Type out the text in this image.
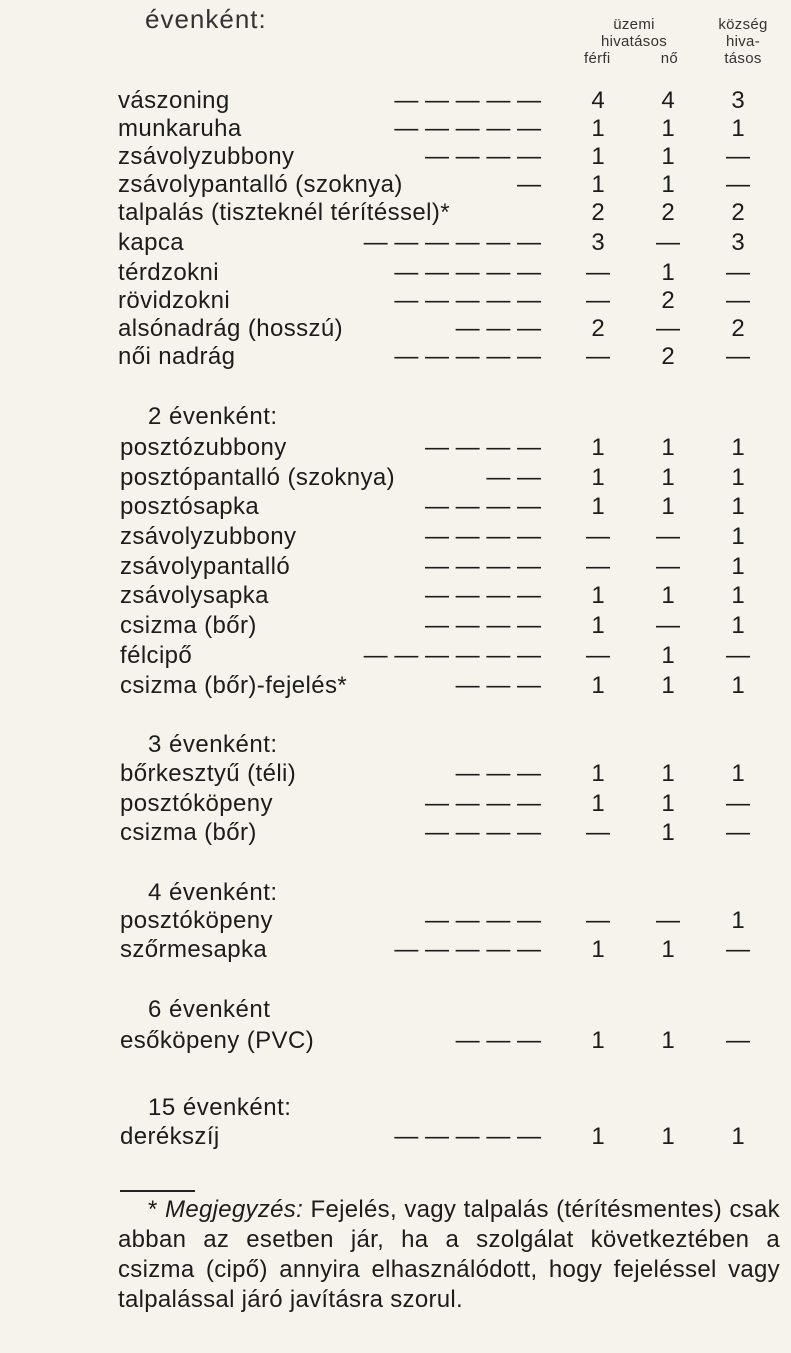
évenként:	üzemi
hivatásos
férfi	nő
község
hiva-
tásos
vászoning	— — — — —	4	4	3
munkaruha	— — — — —	1	1	1
zsávolyzubbony	— — — —	1	1	—
zsávolypantalló (szoknya)	—	1	1	—
talpalás (tiszteknél térítéssel)*	2	2	2
kapca	— — — — — —	3	—	3
térdzokni	— — — — —	—	1	—
rövidzokni	— — — — —	—	2	—
alsónadrág (hosszú)	— — —	2	—	2
női nadrág	— — — — —	—	2	—
2 évenként:
posztózubbony	— — — —	1	1	1
posztópantalló (szoknya)	— —	1	1	1
posztósapka	— — — —	1	1	1
zsávolyzubbony	— — — —	—	—	1
zsávolypantalló	— — — —	—	—	1
zsávolysapka	— — — —	1	1	1
csizma (bőr)	— — — —	1	—	1
félcipő	— — — — — —	—	1	—
csizma (bőr)-fejelés*	— — —	1	1	1
3 évenként:
bőrkesztyű (téli)	— — —	1	1	1
posztóköpeny	— — — —	1	1	—
csizma (bőr)	— — — —	—	1	—
4 évenként:
posztóköpeny	— — — —	—	—	1
szőrmesapka	— — — — —	1	1	—
6 évenként
esőköpeny (PVC)	— — —	1	1	—
15 évenként:
derékszíj	— — — — —	1	1	1
* Megjegyzés: Fejelés, vagy talpalás (térítésmentes) csak abban az esetben jár, ha a szolgálat következtében a csizma (cipő) annyira elhasználódott, hogy fejeléssel vagy talpalással járó javításra szorul.
